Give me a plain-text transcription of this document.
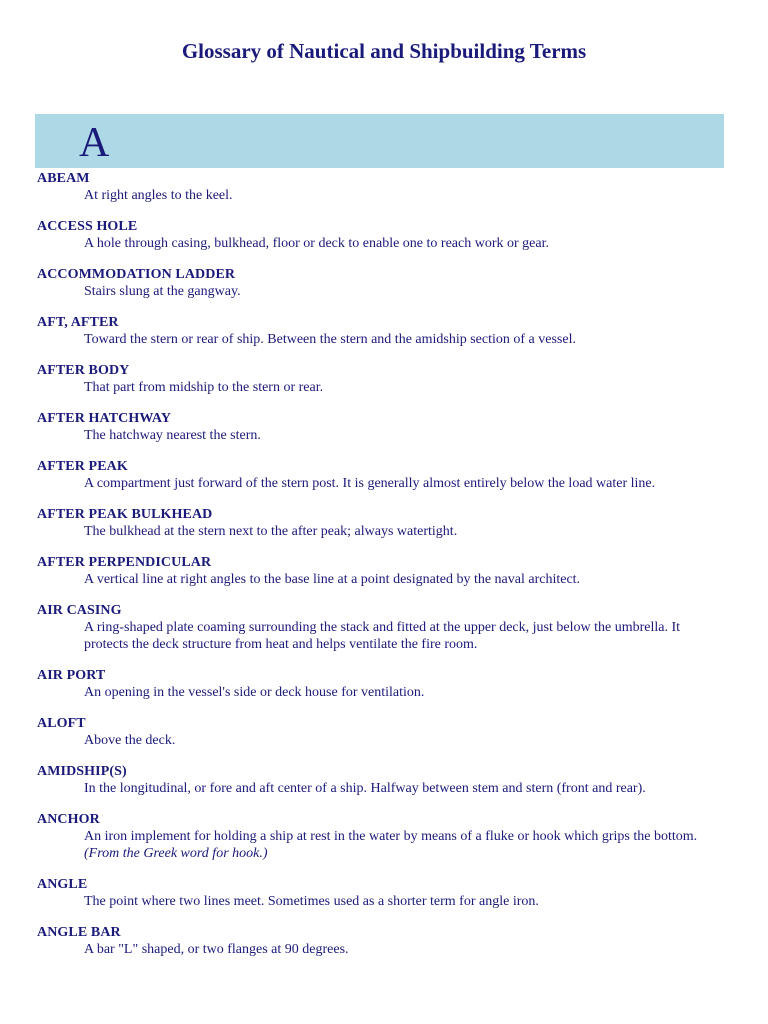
Glossary of Nautical and Shipbuilding Terms
A
ABEAM
At right angles to the keel.
ACCESS HOLE
A hole through casing, bulkhead, floor or deck to enable one to reach work or gear.
ACCOMMODATION LADDER
Stairs slung at the gangway.
AFT, AFTER
Toward the stern or rear of ship. Between the stern and the amidship section of a vessel.
AFTER BODY
That part from midship to the stern or rear.
AFTER HATCHWAY
The hatchway nearest the stern.
AFTER PEAK
A compartment just forward of the stern post. It is generally almost entirely below the load water line.
AFTER PEAK BULKHEAD
The bulkhead at the stern next to the after peak; always watertight.
AFTER PERPENDICULAR
A vertical line at right angles to the base line at a point designated by the naval architect.
AIR CASING
A ring-shaped plate coaming surrounding the stack and fitted at the upper deck, just below the umbrella. It protects the deck structure from heat and helps ventilate the fire room.
AIR PORT
An opening in the vessel's side or deck house for ventilation.
ALOFT
Above the deck.
AMIDSHIP(S)
In the longitudinal, or fore and aft center of a ship. Halfway between stem and stern (front and rear).
ANCHOR
An iron implement for holding a ship at rest in the water by means of a fluke or hook which grips the bottom. (From the Greek word for hook.)
ANGLE
The point where two lines meet. Sometimes used as a shorter term for angle iron.
ANGLE BAR
A bar "L" shaped, or two flanges at 90 degrees.
